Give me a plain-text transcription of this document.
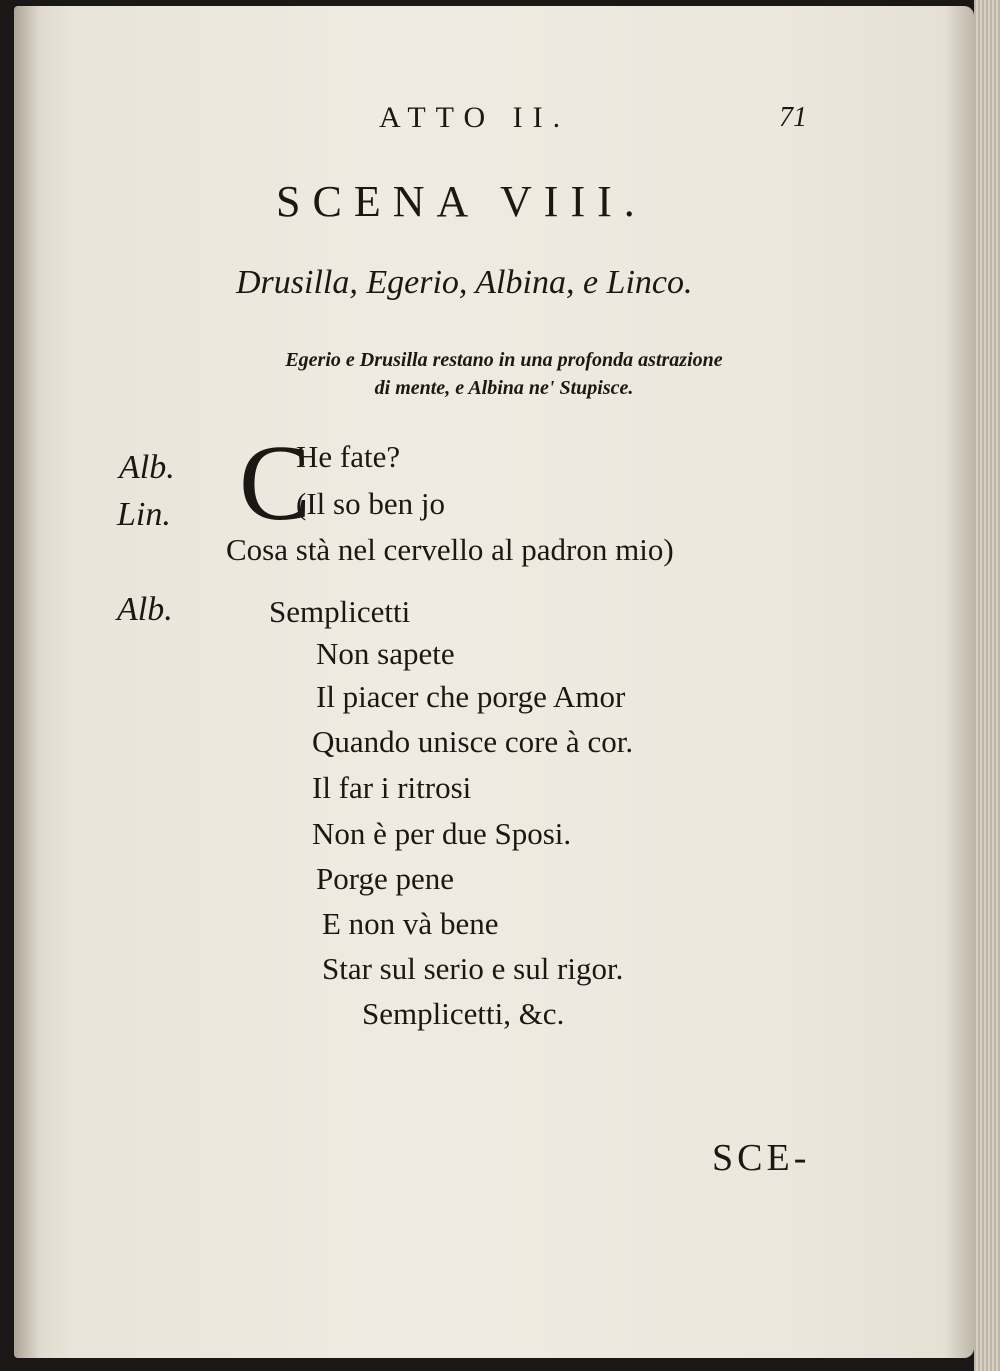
ATTO II.	71
SCENA VIII.
Drusilla, Egerio, Albina, e Linco.
Egerio e Drusilla restano in una profonda astrazione
di mente, e Albina ne' Stupisce.
Alb.
Lin.
Alb.
C
He fate?
(Il so ben jo
Cosa stà nel cervello al padron mio)
Semplicetti
Non sapete
Il piacer che porge Amor
Quando unisce core à cor.
Il far i ritrosi
Non è per due Sposi.
Porge pene
E non và bene
Star sul serio e sul rigor.
Semplicetti, &c.
SCE-
